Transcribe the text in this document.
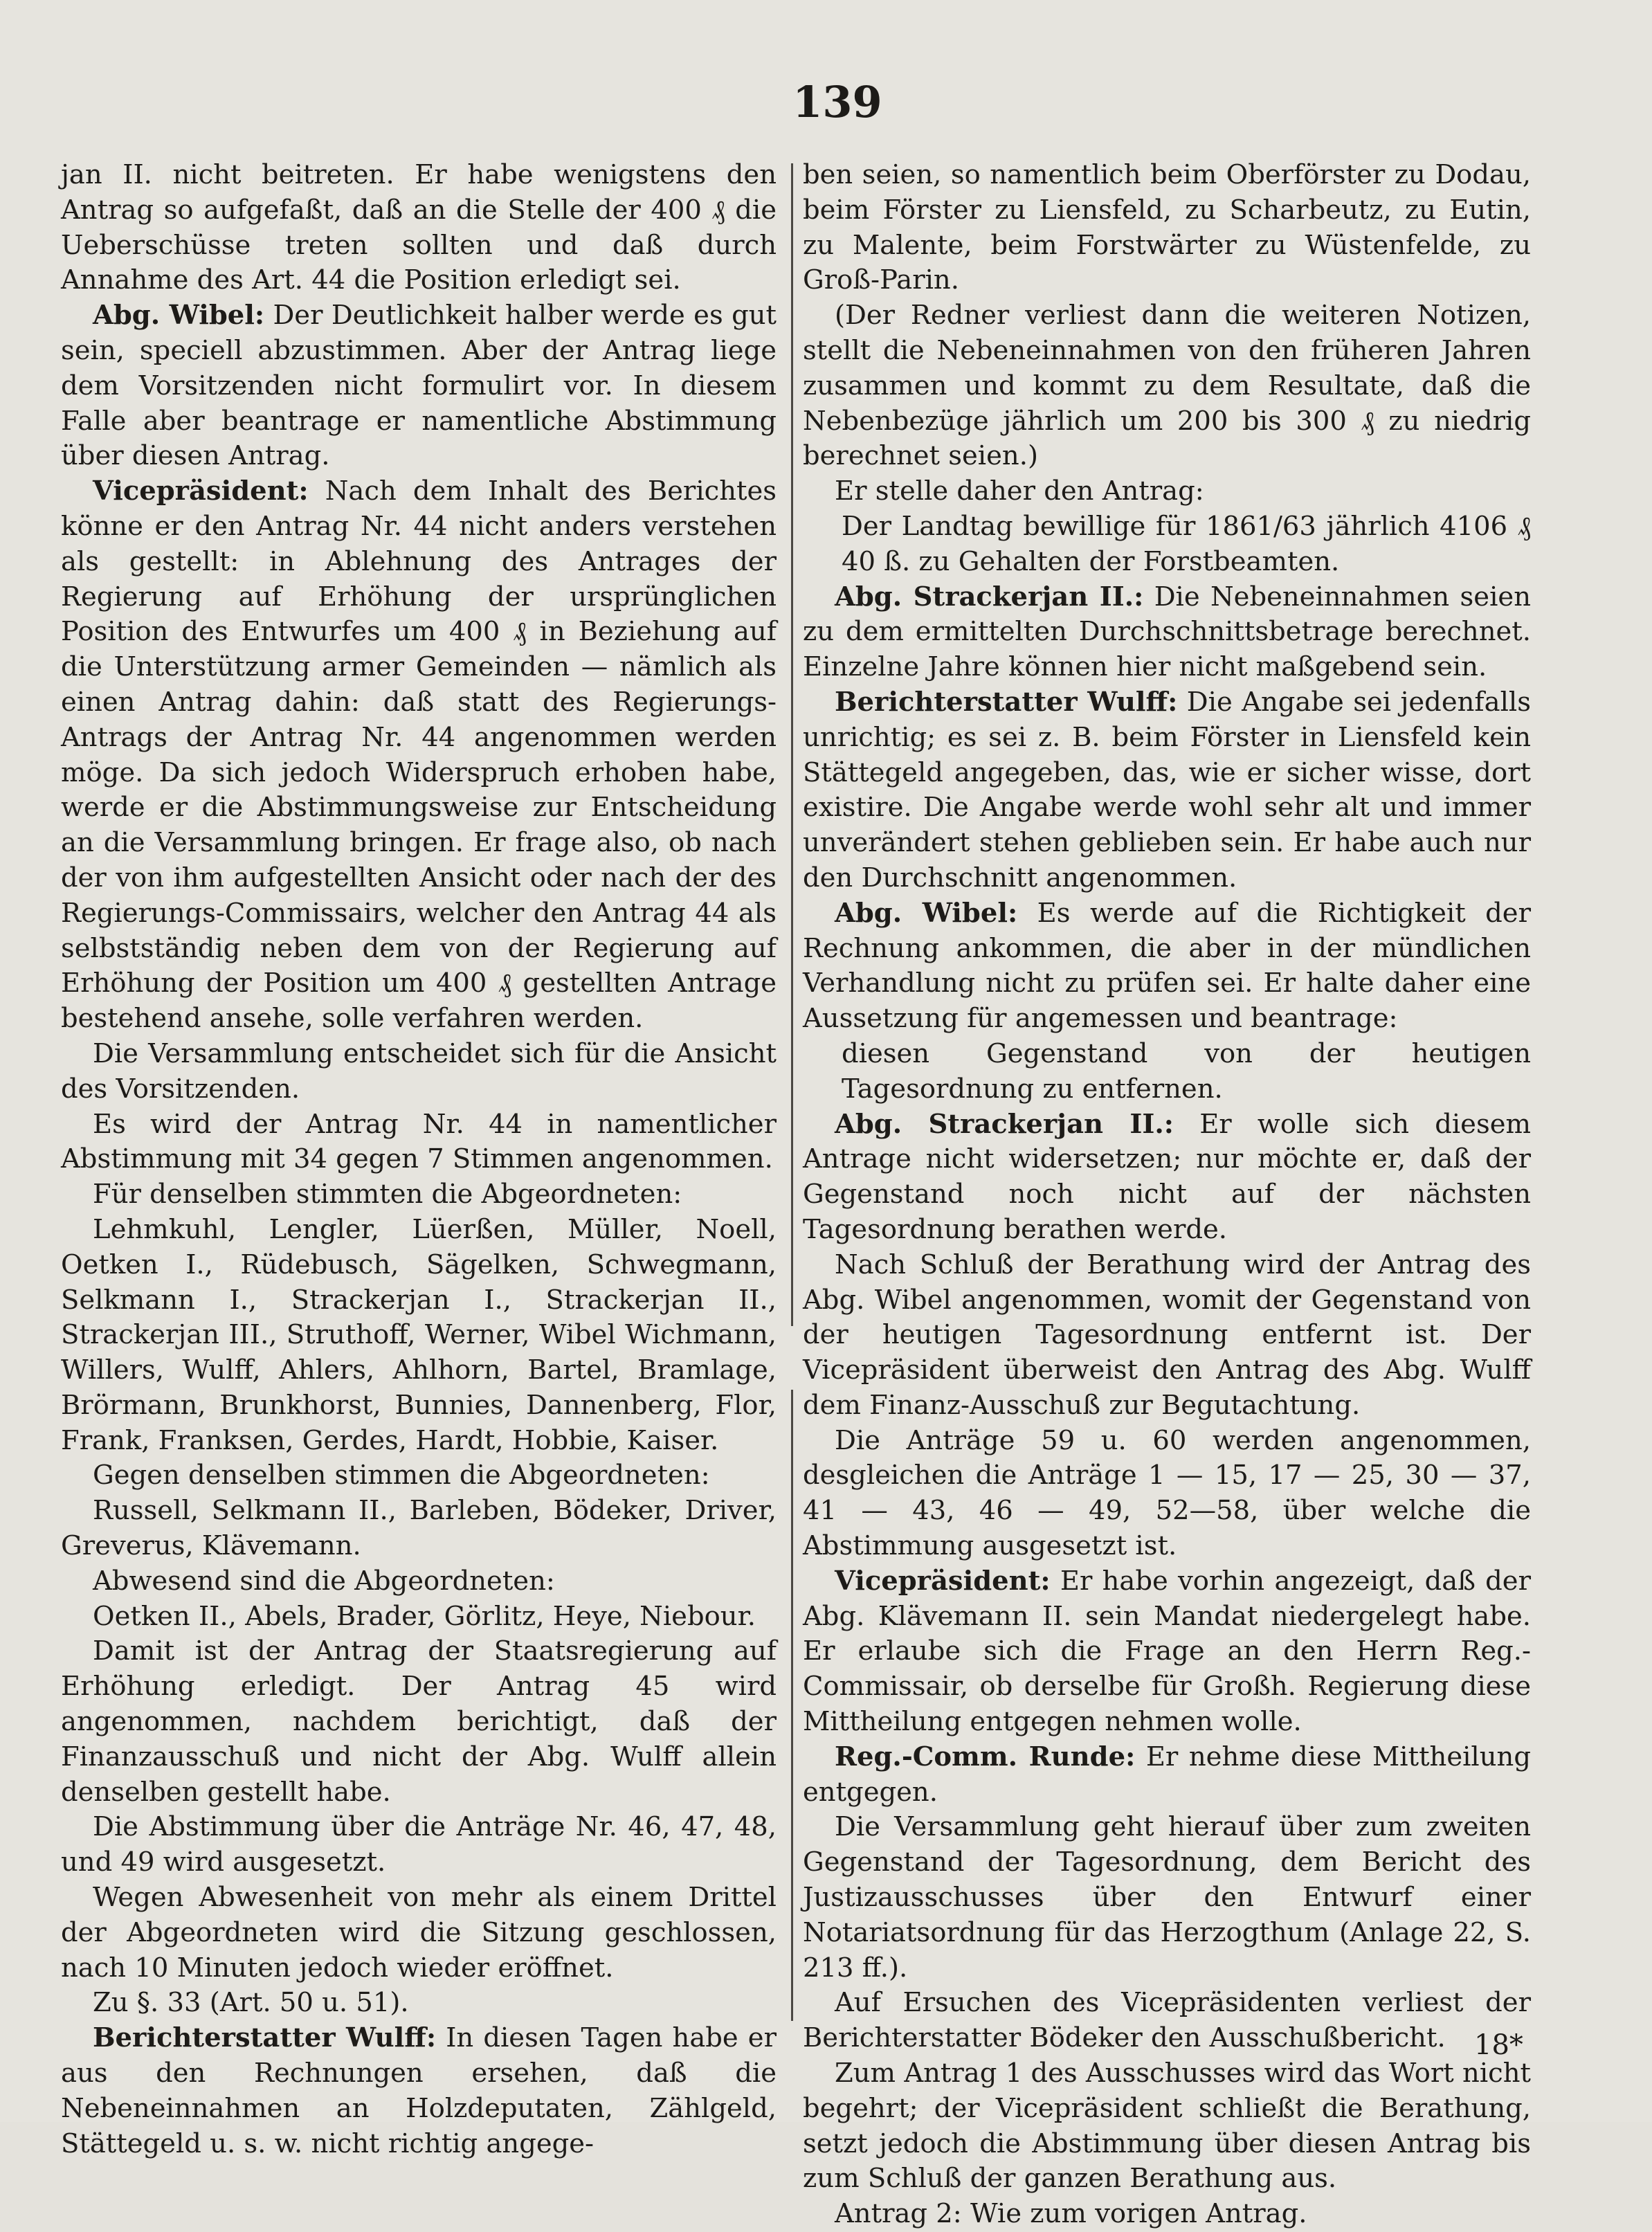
139

jan II. nicht beitreten. Er habe wenigstens den Antrag so aufgefaßt, daß an die Stelle der 400 ₰ die Ueberschüsse treten sollten und daß durch Annahme des Art. 44 die Position erledigt sei.

Abg. Wibel: Der Deutlichkeit halber werde es gut sein, speciell abzustimmen. Aber der Antrag liege dem Vorsitzenden nicht formulirt vor. In diesem Falle aber beantrage er namentliche Abstimmung über diesen Antrag.

Vicepräsident: Nach dem Inhalt des Berichtes könne er den Antrag Nr. 44 nicht anders verstehen als gestellt: in Ablehnung des Antrages der Regierung auf Erhöhung der ursprünglichen Position des Entwurfes um 400 ₰ in Beziehung auf die Unterstützung armer Gemeinden — nämlich als einen Antrag dahin: daß statt des Regierungs-Antrags der Antrag Nr. 44 angenommen werden möge. Da sich jedoch Widerspruch erhoben habe, werde er die Abstimmungsweise zur Entscheidung an die Versammlung bringen. Er frage also, ob nach der von ihm aufgestellten Ansicht oder nach der des Regierungs-Commissairs, welcher den Antrag 44 als selbstständig neben dem von der Regierung auf Erhöhung der Position um 400 ₰ gestellten Antrage bestehend ansehe, solle verfahren werden.

Die Versammlung entscheidet sich für die Ansicht des Vorsitzenden.

Es wird der Antrag Nr. 44 in namentlicher Abstimmung mit 34 gegen 7 Stimmen angenommen.

Für denselben stimmten die Abgeordneten:

Lehmkuhl, Lengler, Lüerßen, Müller, Noell, Oetken I., Rüdebusch, Sägelken, Schwegmann, Selkmann I., Strackerjan I., Strackerjan II., Strackerjan III., Struthoff, Werner, Wibel Wichmann, Willers, Wulff, Ahlers, Ahlhorn, Bartel, Bramlage, Brörmann, Brunkhorst, Bunnies, Dannenberg, Flor, Frank, Franksen, Gerdes, Hardt, Hobbie, Kaiser.

Gegen denselben stimmen die Abgeordneten:

Russell, Selkmann II., Barleben, Bödeker, Driver, Greverus, Klävemann.

Abwesend sind die Abgeordneten:

Oetken II., Abels, Brader, Görlitz, Heye, Niebour.

Damit ist der Antrag der Staatsregierung auf Erhöhung erledigt. Der Antrag 45 wird angenommen, nachdem berichtigt, daß der Finanzausschuß und nicht der Abg. Wulff allein denselben gestellt habe.

Die Abstimmung über die Anträge Nr. 46, 47, 48, und 49 wird ausgesetzt.

Wegen Abwesenheit von mehr als einem Drittel der Abgeordneten wird die Sitzung geschlossen, nach 10 Minuten jedoch wieder eröffnet.

Zu §. 33 (Art. 50 u. 51).

Berichterstatter Wulff: In diesen Tagen habe er aus den Rechnungen ersehen, daß die Nebeneinnahmen an Holzdeputaten, Zählgeld, Stättegeld u. s. w. nicht richtig angege-

ben seien, so namentlich beim Oberförster zu Dodau, beim Förster zu Liensfeld, zu Scharbeutz, zu Eutin, zu Malente, beim Forstwärter zu Wüstenfelde, zu Groß-Parin.

(Der Redner verliest dann die weiteren Notizen, stellt die Nebeneinnahmen von den früheren Jahren zusammen und kommt zu dem Resultate, daß die Nebenbezüge jährlich um 200 bis 300 ₰ zu niedrig berechnet seien.)

Er stelle daher den Antrag:

Der Landtag bewillige für 1861/63 jährlich 4106 ₰ 40 ß. zu Gehalten der Forstbeamten.

Abg. Strackerjan II.: Die Nebeneinnahmen seien zu dem ermittelten Durchschnittsbetrage berechnet. Einzelne Jahre können hier nicht maßgebend sein.

Berichterstatter Wulff: Die Angabe sei jedenfalls unrichtig; es sei z. B. beim Förster in Liensfeld kein Stättegeld angegeben, das, wie er sicher wisse, dort existire. Die Angabe werde wohl sehr alt und immer unverändert stehen geblieben sein. Er habe auch nur den Durchschnitt angenommen.

Abg. Wibel: Es werde auf die Richtigkeit der Rechnung ankommen, die aber in der mündlichen Verhandlung nicht zu prüfen sei. Er halte daher eine Aussetzung für angemessen und beantrage:

diesen Gegenstand von der heutigen Tagesordnung zu entfernen.

Abg. Strackerjan II.: Er wolle sich diesem Antrage nicht widersetzen; nur möchte er, daß der Gegenstand noch nicht auf der nächsten Tagesordnung berathen werde.

Nach Schluß der Berathung wird der Antrag des Abg. Wibel angenommen, womit der Gegenstand von der heutigen Tagesordnung entfernt ist. Der Vicepräsident überweist den Antrag des Abg. Wulff dem Finanz-Ausschuß zur Begutachtung.

Die Anträge 59 u. 60 werden angenommen, desgleichen die Anträge 1 — 15, 17 — 25, 30 — 37, 41 — 43, 46 — 49, 52—58, über welche die Abstimmung ausgesetzt ist.

Vicepräsident: Er habe vorhin angezeigt, daß der Abg. Klävemann II. sein Mandat niedergelegt habe. Er erlaube sich die Frage an den Herrn Reg.-Commissair, ob derselbe für Großh. Regierung diese Mittheilung entgegen nehmen wolle.

Reg.-Comm. Runde: Er nehme diese Mittheilung entgegen.

Die Versammlung geht hierauf über zum zweiten Gegenstand der Tagesordnung, dem Bericht des Justizausschusses über den Entwurf einer Notariatsordnung für das Herzogthum (Anlage 22, S. 213 ff.).

Auf Ersuchen des Vicepräsidenten verliest der Berichterstatter Bödeker den Ausschußbericht.

Zum Antrag 1 des Ausschusses wird das Wort nicht begehrt; der Vicepräsident schließt die Berathung, setzt jedoch die Abstimmung über diesen Antrag bis zum Schluß der ganzen Berathung aus.

Antrag 2: Wie zum vorigen Antrag.

18*
